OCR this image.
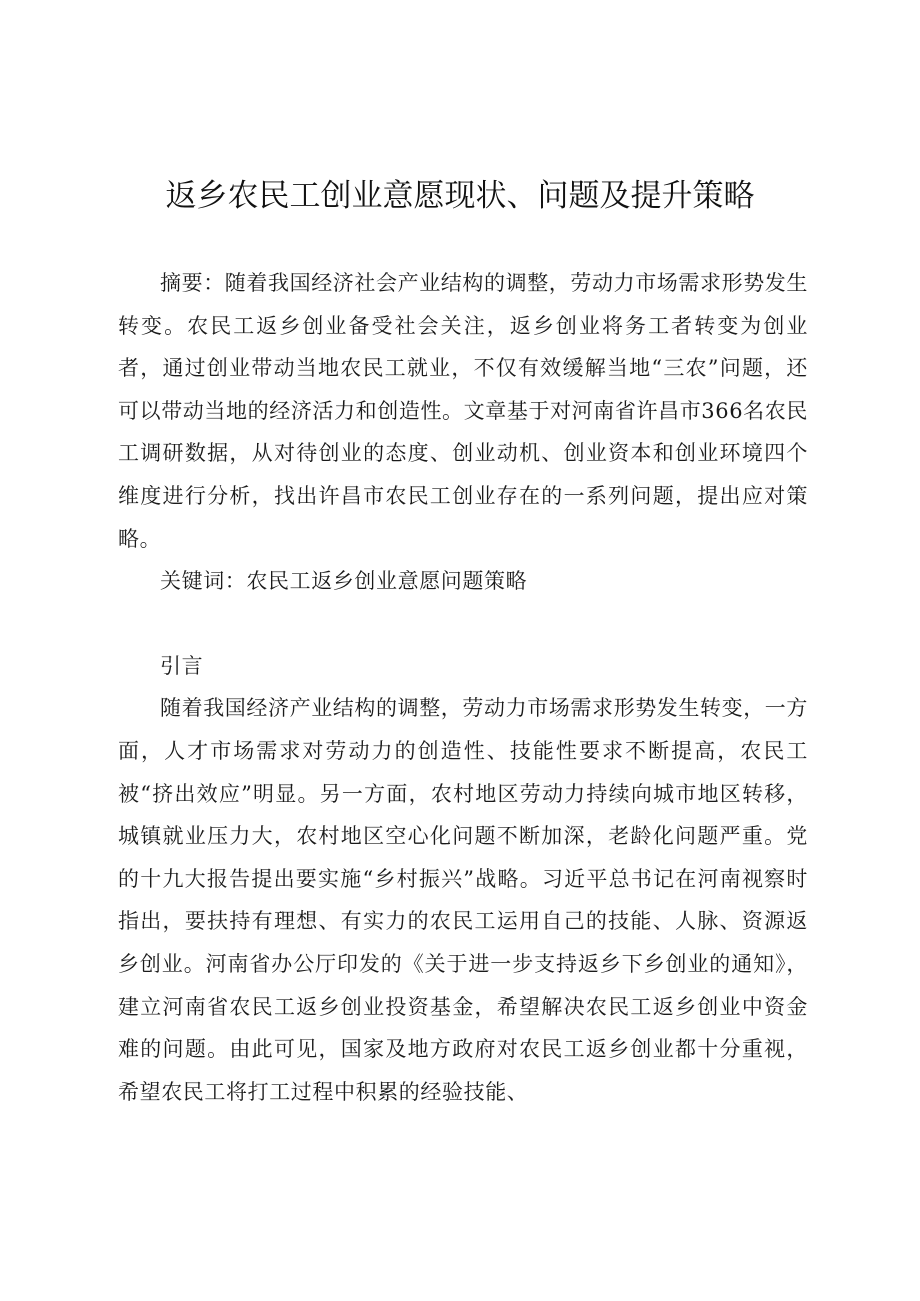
返乡农民工创业意愿现状、问题及提升策略

摘要：随着我国经济社会产业结构的调整，劳动力市场需求形势发生转变。农民工返乡创业备受社会关注，返乡创业将务工者转变为创业者，通过创业带动当地农民工就业，不仅有效缓解当地“三农”问题，还可以带动当地的经济活力和创造性。文章基于对河南省许昌市366名农民工调研数据，从对待创业的态度、创业动机、创业资本和创业环境四个维度进行分析，找出许昌市农民工创业存在的一系列问题，提出应对策略。

关键词：农民工返乡创业意愿问题策略

引言

随着我国经济产业结构的调整，劳动力市场需求形势发生转变，一方面，人才市场需求对劳动力的创造性、技能性要求不断提高，农民工被“挤出效应”明显。另一方面，农村地区劳动力持续向城市地区转移，城镇就业压力大，农村地区空心化问题不断加深，老龄化问题严重。党的十九大报告提出要实施“乡村振兴”战略。习近平总书记在河南视察时指出，要扶持有理想、有实力的农民工运用自己的技能、人脉、资源返乡创业。河南省办公厅印发的《关于进一步支持返乡下乡创业的通知》，建立河南省农民工返乡创业投资基金，希望解决农民工返乡创业中资金难的问题。由此可见，国家及地方政府对农民工返乡创业都十分重视，希望农民工将打工过程中积累的经验技能、
